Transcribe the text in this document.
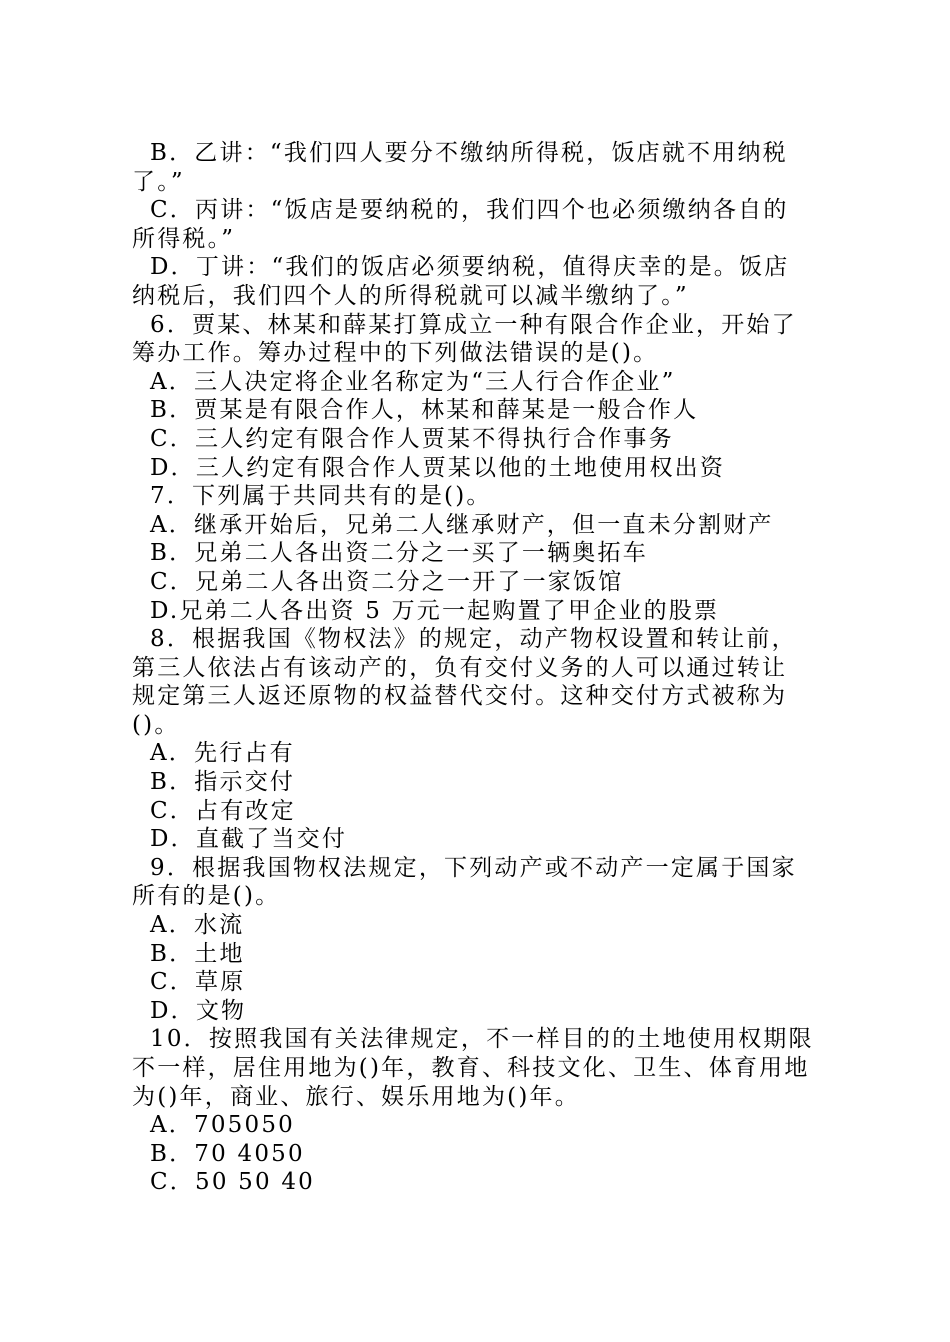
B．乙讲：“我们四人要分不缴纳所得税，饭店就不用纳税
了。”
C．丙讲：“饭店是要纳税的，我们四个也必须缴纳各自的
所得税。”
D．丁讲：“我们的饭店必须要纳税，值得庆幸的是。饭店
纳税后，我们四个人的所得税就可以减半缴纳了。”
6．贾某、林某和薛某打算成立一种有限合作企业，开始了
筹办工作。筹办过程中的下列做法错误的是()。
A．三人决定将企业名称定为“三人行合作企业”
B．贾某是有限合作人，林某和薛某是一般合作人
C．三人约定有限合作人贾某不得执行合作事务
D．三人约定有限合作人贾某以他的土地使用权出资
7．下列属于共同共有的是()。
A．继承开始后，兄弟二人继承财产，但一直未分割财产
B．兄弟二人各出资二分之一买了一辆奥拓车
C．兄弟二人各出资二分之一开了一家饭馆
D.兄弟二人各出资 5 万元一起购置了甲企业的股票
8．根据我国《物权法》的规定，动产物权设置和转让前，
第三人依法占有该动产的，负有交付义务的人可以通过转让
规定第三人返还原物的权益替代交付。这种交付方式被称为
()。
A．先行占有
B．指示交付
C．占有改定
D．直截了当交付
9．根据我国物权法规定，下列动产或不动产一定属于国家
所有的是()。
A．水流
B．土地
C．草原
D．文物
10．按照我国有关法律规定，不一样目的的土地使用权期限
不一样，居住用地为()年，教育、科技文化、卫生、体育用地
为()年，商业、旅行、娱乐用地为()年。
A．705050
B．70 4050
C．50 50 40
